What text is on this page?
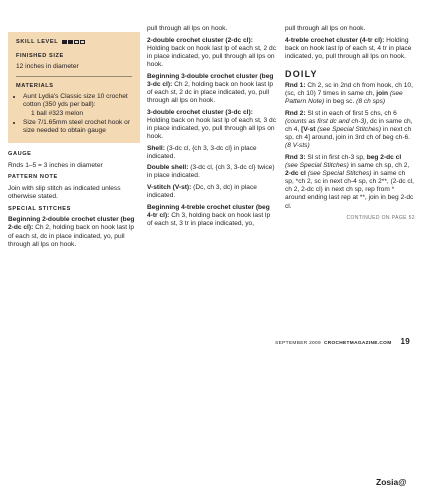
SKILL LEVEL
FINISHED SIZE
12 inches in diameter
MATERIALS
• Aunt Lydia's Classic size 10 crochet cotton (350 yds per ball):
1 ball #323 melon
• Size 7/1.65mm steel crochet hook or size needed to obtain gauge

GAUGE

Rnds 1–5 = 3 inches in diameter

PATTERN NOTE

Join with slip stitch as indicated unless otherwise stated.

SPECIAL STITCHES

Beginning 2-double crochet cluster (beg 2-dc cl): Ch 2, holding back on hook last lp of each st, dc in place indicated, yo, pull through all lps on hook.

pull through all lps on hook.

2-double crochet cluster (2-dc cl): Holding back on hook last lp of each st, 2 dc in place indicated, yo, pull through all lps on hook.

Beginning 3-double crochet cluster (beg 3-dc cl): Ch 2, holding back on hook last lp of each st, 2 dc in place indicated, yo, pull through all lps on hook.

3-double crochet cluster (3-dc cl): Holding back on hook last lp of each st, 3 dc in place indicated, yo, pull through all lps on hook.

Shell: (3-dc cl, {ch 3, 3-dc cl} in place indicated.

Double shell: (3-dc cl, {ch 3, 3-dc cl} twice) in place indicated.

V-stitch (V-st): (Dc, ch 3, dc) in place indicated.

Beginning 4-treble crochet cluster (beg 4-tr cl): Ch 3, holding back on hook last lp of each st, 3 tr in place indicated, yo,

pull through all lps on hook.

4-treble crochet cluster (4-tr cl): Holding back on hook last lp of each st, 4 tr in place indicated, yo, pull through all lps on hook.

DOILY

Rnd 1: Ch 2, sc in 2nd ch from hook, ch 10, (sc, ch 10) 7 times in same ch, join (see Pattern Note) in beg sc. (8 ch sps)

Rnd 2: Sl st in each of first 5 chs, ch 6 (counts as first dc and ch-3), dc in same ch, ch 4, [V-st (see Special Stitches) in next ch sp, ch 4] around, join in 3rd ch of beg ch-6. (8 V-sts)

Rnd 3: Sl st in first ch-3 sp, beg 2-dc cl (see Special Stitches) in same ch sp, ch 2, 2-dc cl (see Special Stitches) in same ch sp, *ch 2, sc in next ch-4 sp, ch 2**, (2-dc cl, ch 2, 2-dc cl) in next ch sp, rep from * around ending last rep at **, join in beg 2-dc cl.

CONTINUED ON PAGE 52
SEPTEMBER 2009 CROCHETMAGAZINE.COM 19
Zosia@
